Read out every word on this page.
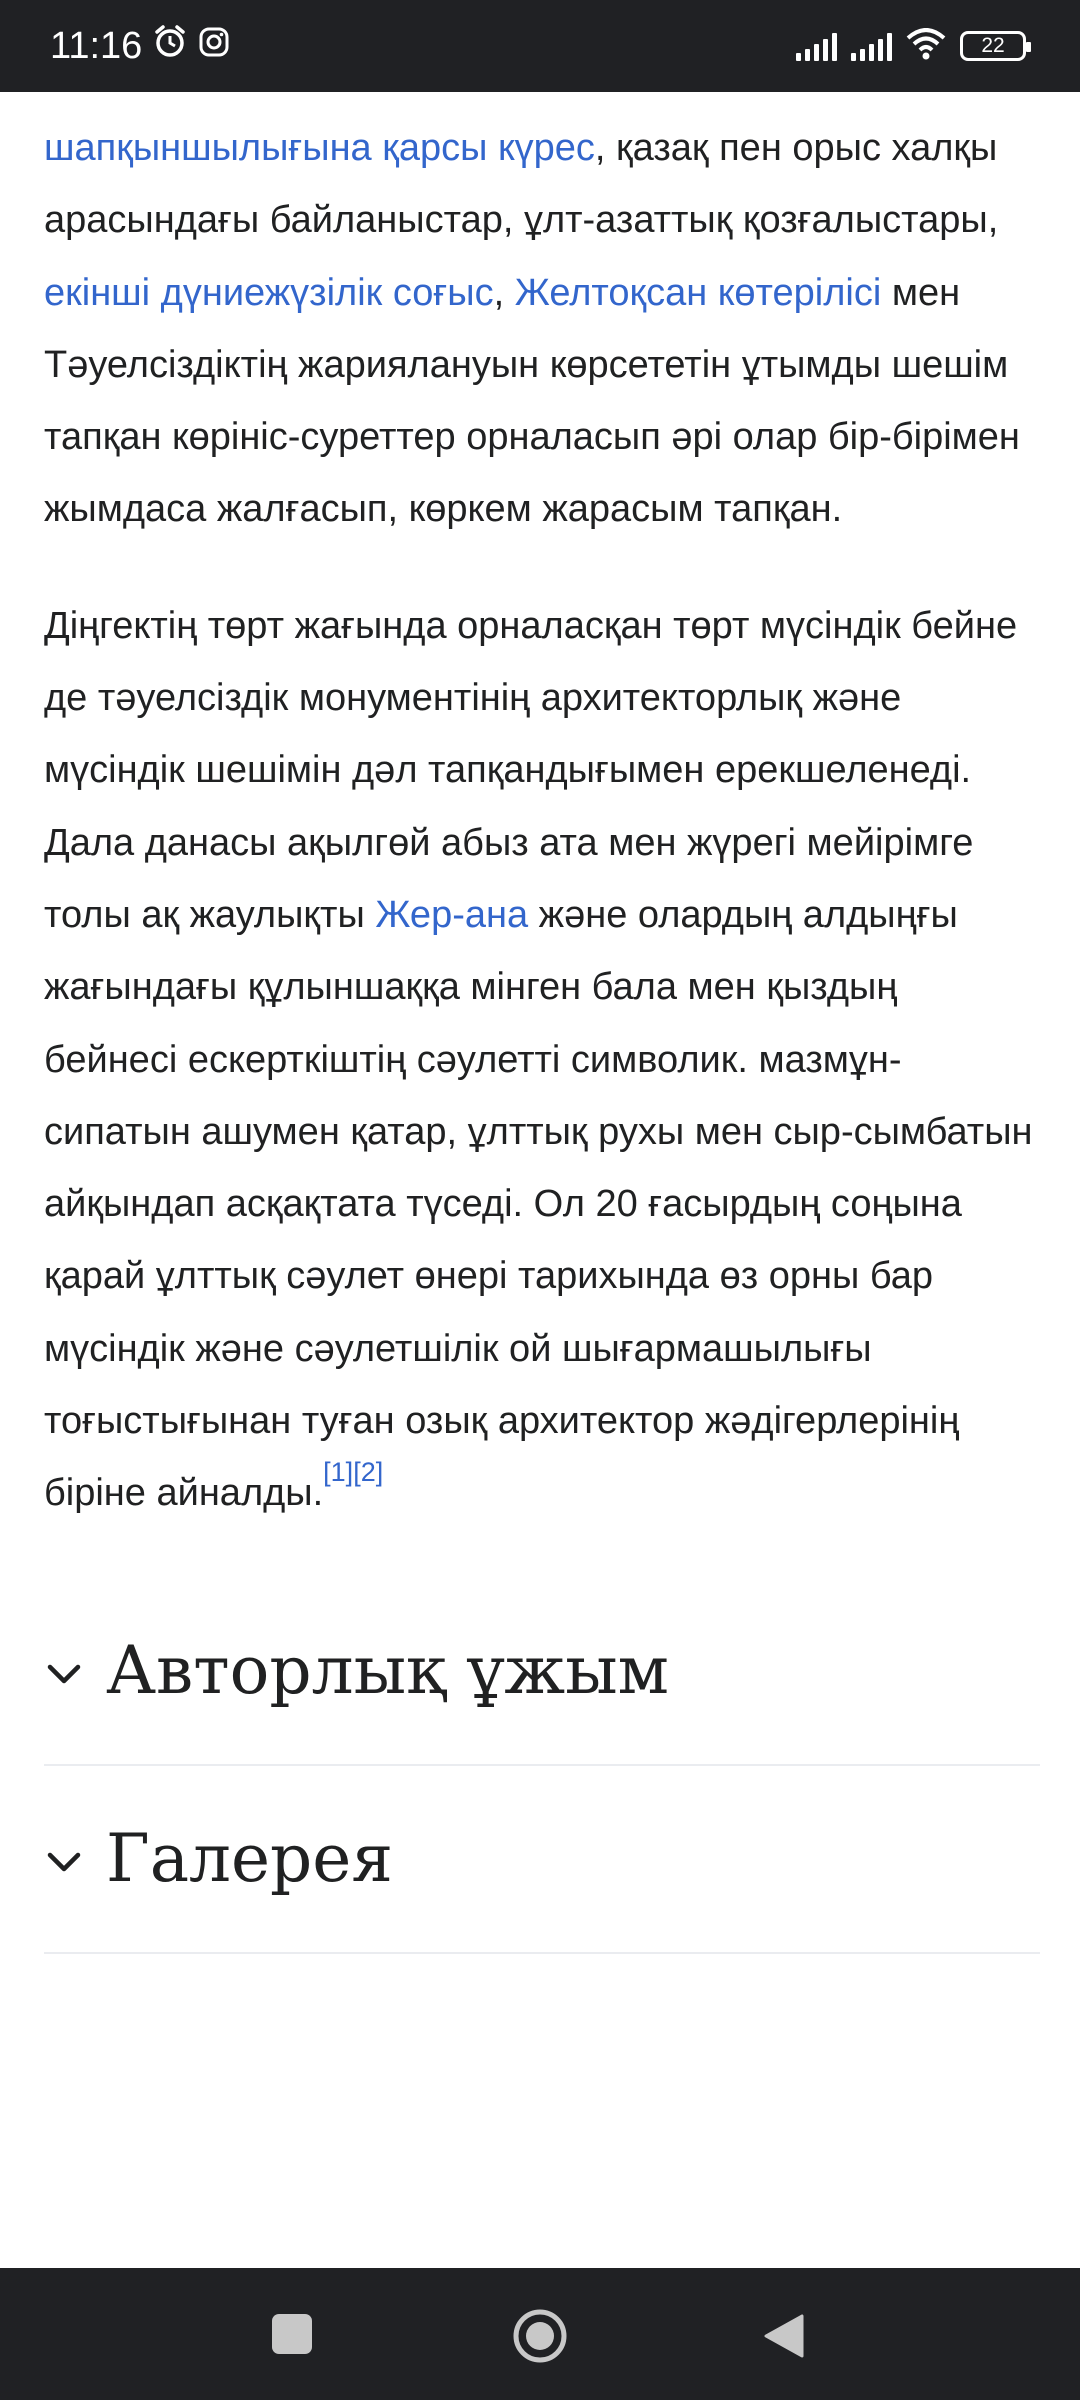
11:16	22

шапқыншылығына қарсы күрес, қазақ пен орыс халқы арасындағы байланыстар, ұлт-азаттық қозғалыстары, екінші дүниежүзілік соғыс, Желтоқсан көтерілісі мен Тәуелсіздіктің жариялануын көрсететін ұтымды шешім тапқан көрініс-суреттер орналасып әрі олар бір-бірімен жымдаса жалғасып, көркем жарасым тапқан.

Діңгектің төрт жағында орналасқан төрт мүсіндік бейне де тәуелсіздік монументінің архитекторлық және мүсіндік шешімін дәл тапқандығымен ерекшеленеді. Дала данасы ақылгөй абыз ата мен жүрегі мейірімге толы ақ жаулықты Жер-ана және олардың алдыңғы жағындағы құлыншаққа мінген бала мен қыздың бейнесі ескерткіштің сәулетті символик. мазмұн-сипатын ашумен қатар, ұлттық рухы мен сыр-сымбатын айқындап асқақтата түседі. Ол 20 ғасырдың соңына қарай ұлттық сәулет өнері тарихында өз орны бар мүсіндік және сәулетшілік ой шығармашылығы тоғыстығынан туған озық архитектор жәдігерлерінің біріне айналды.[1][2]

Авторлық ұжым
Галерея
